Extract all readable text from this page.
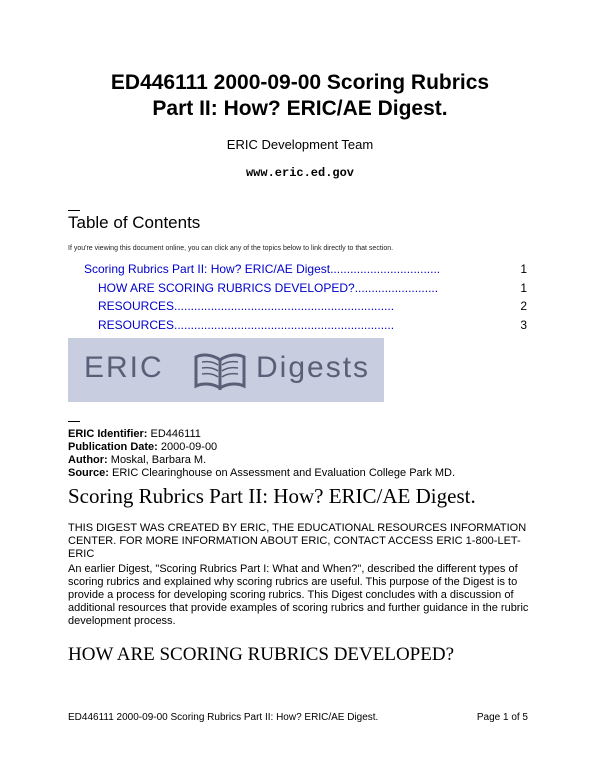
ED446111 2000-09-00 Scoring Rubrics
Part II: How? ERIC/AE Digest.
ERIC Development Team
www.eric.ed.gov
Table of Contents
If you're viewing this document online, you can click any of the topics below to link directly to that section.
Scoring Rubrics Part II: How? ERIC/AE Digest.................................	1
HOW ARE SCORING RUBRICS DEVELOPED?.........................	1
RESOURCES..................................................................	2
RESOURCES..................................................................	3
ERIC	Digests
ERIC Identifier: ED446111
Publication Date: 2000-09-00
Author: Moskal, Barbara M.
Source: ERIC Clearinghouse on Assessment and Evaluation College Park MD.
Scoring Rubrics Part II: How? ERIC/AE Digest.
THIS DIGEST WAS CREATED BY ERIC, THE EDUCATIONAL RESOURCES INFORMATION CENTER. FOR MORE INFORMATION ABOUT ERIC, CONTACT ACCESS ERIC 1-800-LET-ERIC
An earlier Digest, "Scoring Rubrics Part I: What and When?", described the different types of scoring rubrics and explained why scoring rubrics are useful. This purpose of the Digest is to provide a process for developing scoring rubrics. This Digest concludes with a discussion of additional resources that provide examples of scoring rubrics and further guidance in the rubric development process.
HOW ARE SCORING RUBRICS DEVELOPED?
ED446111 2000-09-00 Scoring Rubrics Part II: How? ERIC/AE Digest.	Page 1 of 5
